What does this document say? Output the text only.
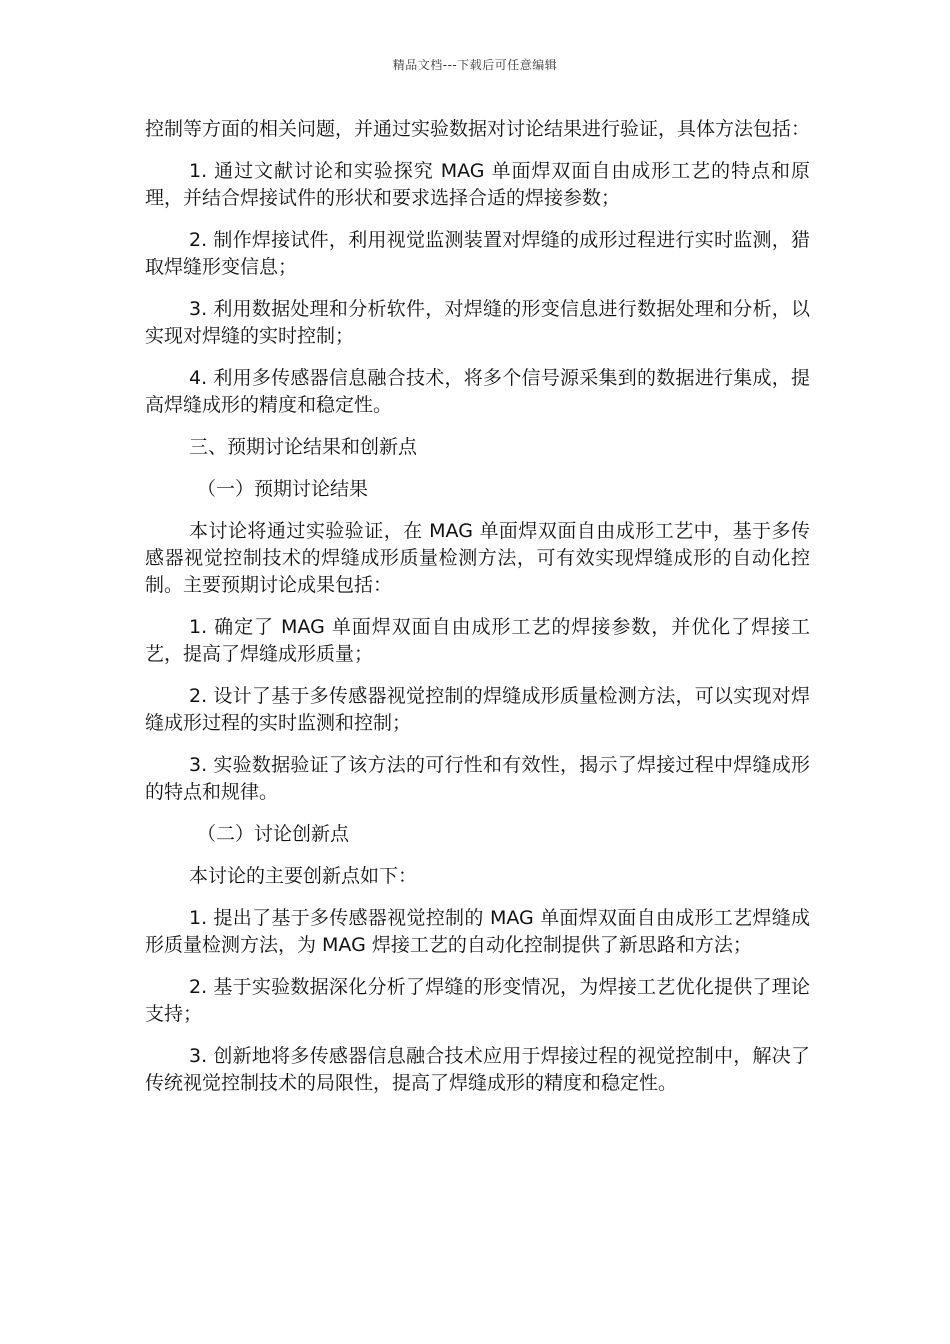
精品文档---下载后可任意编辑

控制等方面的相关问题，并通过实验数据对讨论结果进行验证，具体方法包括：

1. 通过文献讨论和实验探究 MAG 单面焊双面自由成形工艺的特点和原理，并结合焊接试件的形状和要求选择合适的焊接参数；

2. 制作焊接试件，利用视觉监测装置对焊缝的成形过程进行实时监测，猎取焊缝形变信息；

3. 利用数据处理和分析软件，对焊缝的形变信息进行数据处理和分析，以实现对焊缝的实时控制；

4. 利用多传感器信息融合技术，将多个信号源采集到的数据进行集成，提高焊缝成形的精度和稳定性。

三、预期讨论结果和创新点

（一）预期讨论结果

本讨论将通过实验验证，在 MAG 单面焊双面自由成形工艺中，基于多传感器视觉控制技术的焊缝成形质量检测方法，可有效实现焊缝成形的自动化控制。主要预期讨论成果包括：

1. 确定了 MAG 单面焊双面自由成形工艺的焊接参数，并优化了焊接工艺，提高了焊缝成形质量；

2. 设计了基于多传感器视觉控制的焊缝成形质量检测方法，可以实现对焊缝成形过程的实时监测和控制；

3. 实验数据验证了该方法的可行性和有效性，揭示了焊接过程中焊缝成形的特点和规律。

（二）讨论创新点

本讨论的主要创新点如下：

1. 提出了基于多传感器视觉控制的 MAG 单面焊双面自由成形工艺焊缝成形质量检测方法，为 MAG 焊接工艺的自动化控制提供了新思路和方法；

2. 基于实验数据深化分析了焊缝的形变情况，为焊接工艺优化提供了理论支持；

3. 创新地将多传感器信息融合技术应用于焊接过程的视觉控制中，解决了传统视觉控制技术的局限性，提高了焊缝成形的精度和稳定性。
